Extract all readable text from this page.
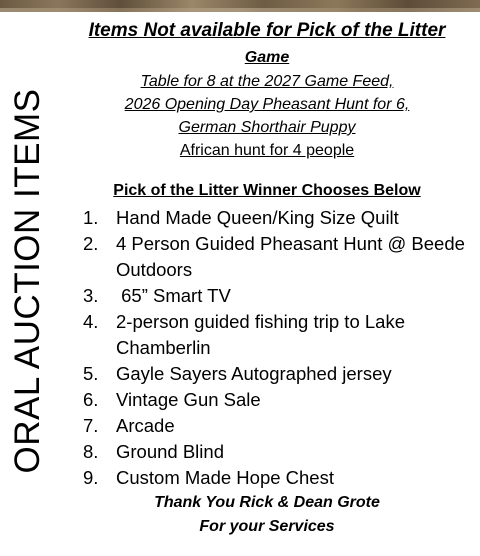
ORAL AUCTION ITEMS

Items Not available for Pick of the Litter

Game

Table for 8 at the 2027 Game Feed,

2026 Opening Day Pheasant Hunt for 6,

German Shorthair Puppy

African hunt for 4 people

Pick of the Litter Winner Chooses Below

1. Hand Made Queen/King Size Quilt
2. 4 Person Guided Pheasant Hunt @ Beede Outdoors
3. 65” Smart TV
4. 2-person guided fishing trip to Lake Chamberlin
5. Gayle Sayers Autographed jersey
6. Vintage Gun Sale
7. Arcade
8. Ground Blind
9. Custom Made Hope Chest

Thank You Rick & Dean Grote

For your Services
